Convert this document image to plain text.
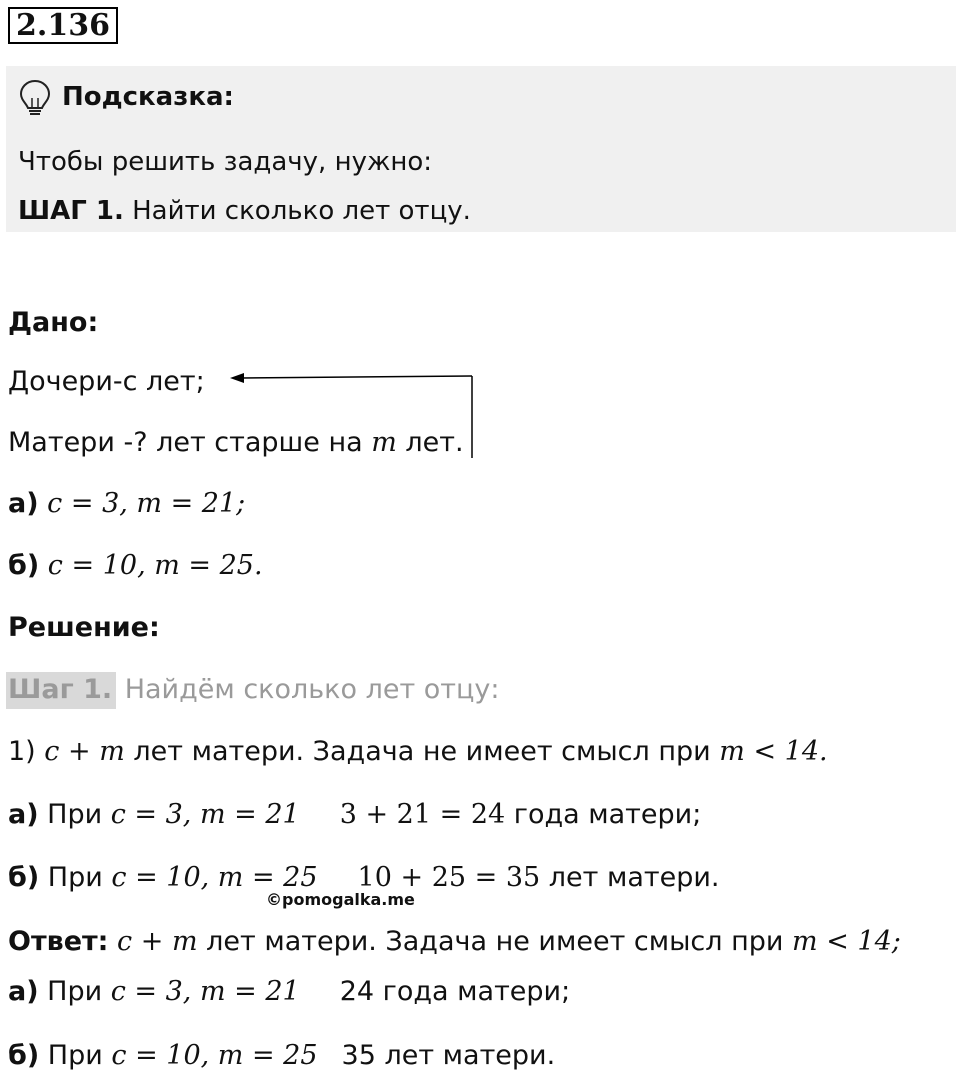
2.136
Подсказка:
Чтобы решить задачу, нужно:
ШАГ 1. Найти сколько лет отцу.
Дано:
Дочери-с лет;
Матери -? лет старше на m лет.
а) c = 3, m = 21;
б) c = 10, m = 25.
Решение:
Шаг 1. Найдём сколько лет отцу:
1) c + m лет матери. Задача не имеет смысл при m < 14.
а) При c = 3, m = 21 3 + 21 = 24 года матери;
б) При c = 10, m = 25 10 + 25 = 35 лет матери.
©pomogalka.me
Ответ: c + m лет матери. Задача не имеет смысл при m < 14;
а) При c = 3, m = 21 24 года матери;
б) При c = 10, m = 25 35 лет матери.
